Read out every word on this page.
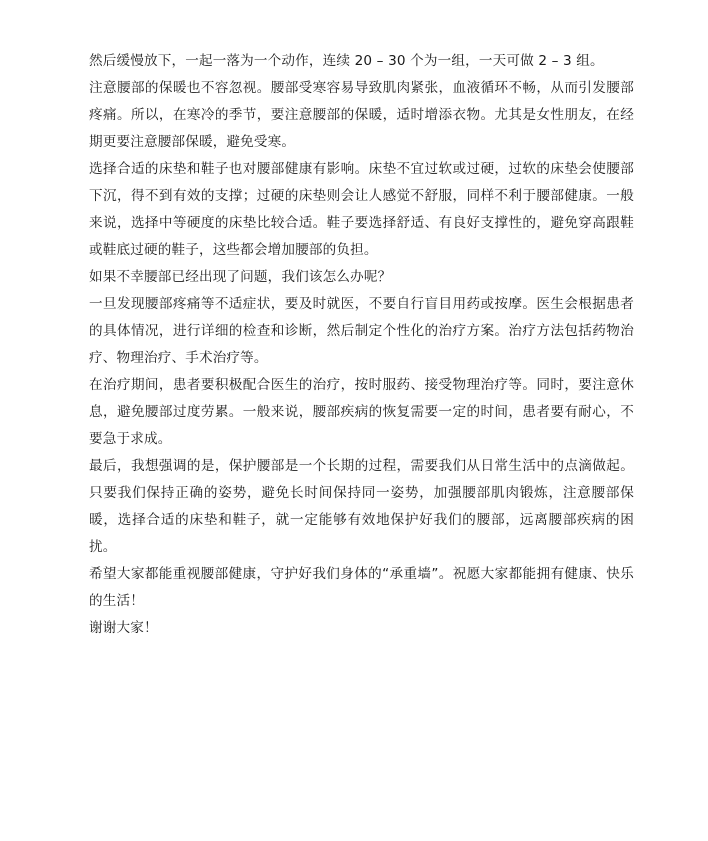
然后缓慢放下，一起一落为一个动作，连续 20 – 30 个为一组，一天可做 2 – 3 组。

注意腰部的保暖也不容忽视。腰部受寒容易导致肌肉紧张，血液循环不畅，从而引发腰部疼痛。所以，在寒冷的季节，要注意腰部的保暖，适时增添衣物。尤其是女性朋友，在经期更要注意腰部保暖，避免受寒。

选择合适的床垫和鞋子也对腰部健康有影响。床垫不宜过软或过硬，过软的床垫会使腰部下沉，得不到有效的支撑；过硬的床垫则会让人感觉不舒服，同样不利于腰部健康。一般来说，选择中等硬度的床垫比较合适。鞋子要选择舒适、有良好支撑性的，避免穿高跟鞋或鞋底过硬的鞋子，这些都会增加腰部的负担。

如果不幸腰部已经出现了问题，我们该怎么办呢？

一旦发现腰部疼痛等不适症状，要及时就医，不要自行盲目用药或按摩。医生会根据患者的具体情况，进行详细的检查和诊断，然后制定个性化的治疗方案。治疗方法包括药物治疗、物理治疗、手术治疗等。

在治疗期间，患者要积极配合医生的治疗，按时服药、接受物理治疗等。同时，要注意休息，避免腰部过度劳累。一般来说，腰部疾病的恢复需要一定的时间，患者要有耐心，不要急于求成。

最后，我想强调的是，保护腰部是一个长期的过程，需要我们从日常生活中的点滴做起。只要我们保持正确的姿势，避免长时间保持同一姿势，加强腰部肌肉锻炼，注意腰部保暖，选择合适的床垫和鞋子，就一定能够有效地保护好我们的腰部，远离腰部疾病的困扰。

希望大家都能重视腰部健康，守护好我们身体的“承重墙”。祝愿大家都能拥有健康、快乐的生活！

谢谢大家！
